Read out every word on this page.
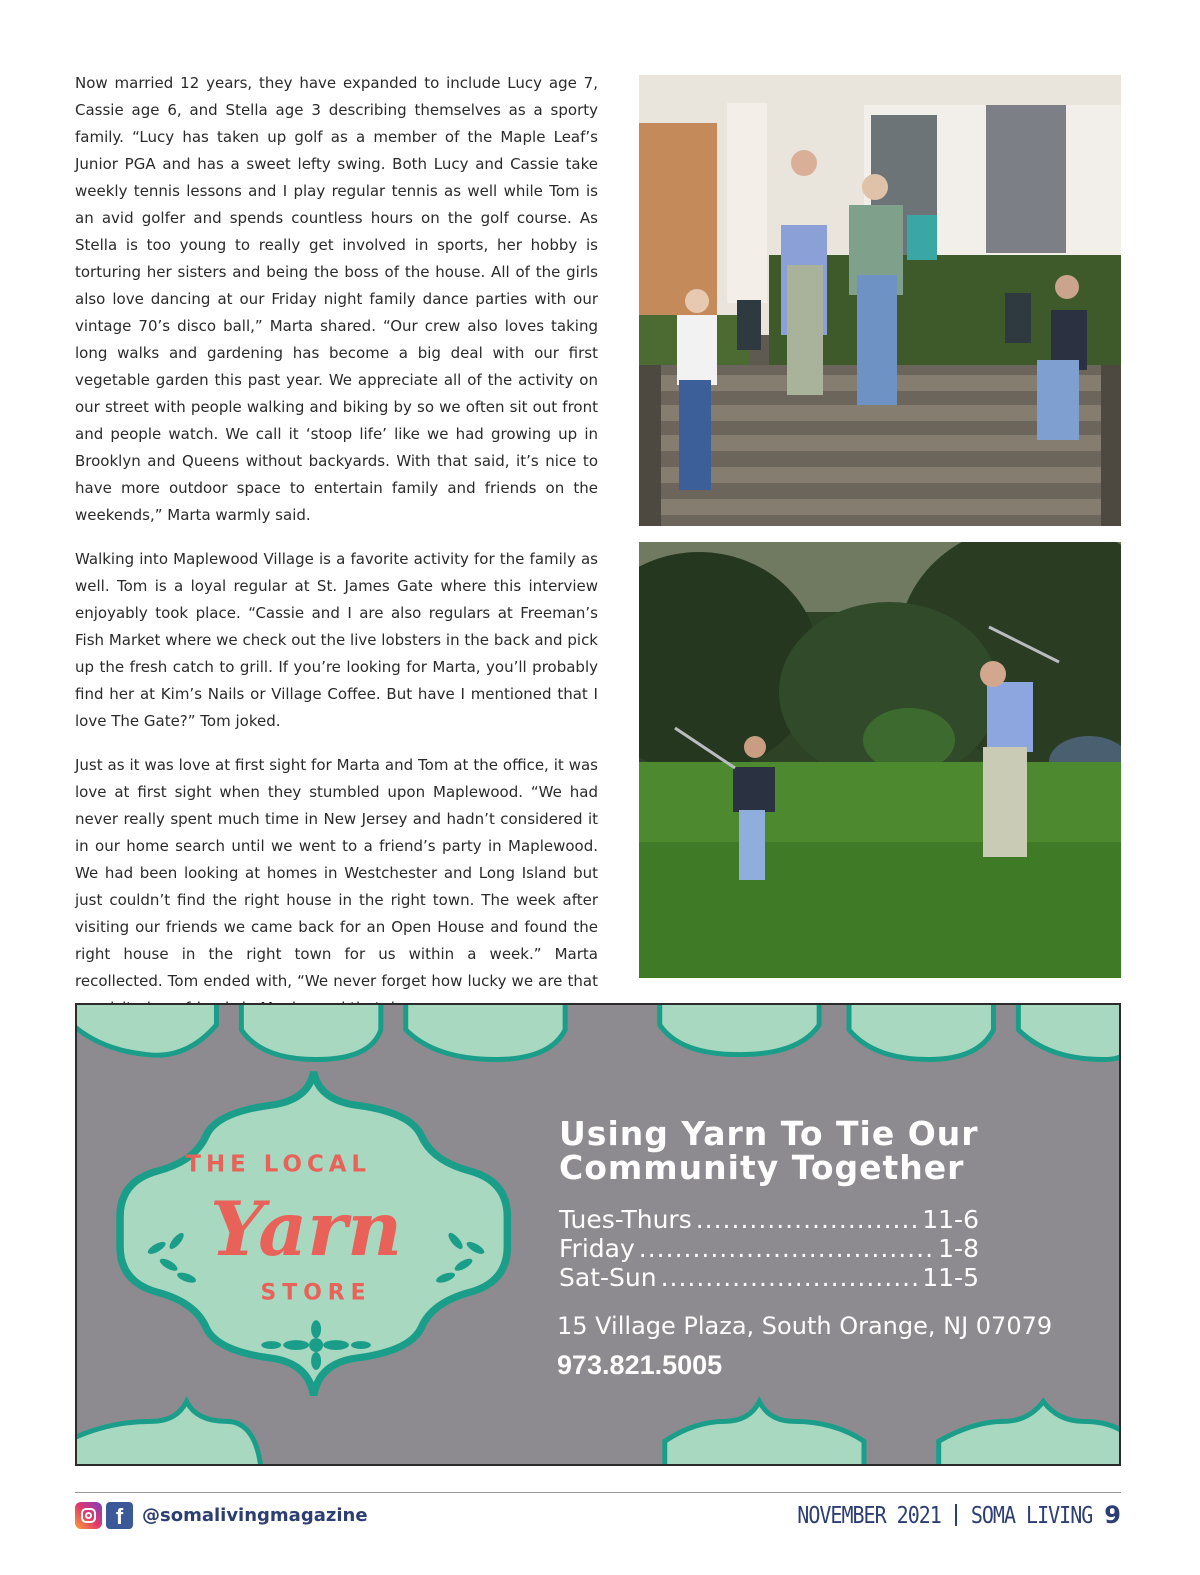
Now married 12 years, they have expanded to include Lucy age 7, Cassie age 6, and Stella age 3 describing themselves as a sporty family. “Lucy has taken up golf as a member of the Maple Leaf’s Junior PGA and has a sweet lefty swing. Both Lucy and Cassie take weekly tennis lessons and I play regular tennis as well while Tom is an avid golfer and spends countless hours on the golf course. As Stella is too young to really get involved in sports, her hobby is torturing her sisters and being the boss of the house. All of the girls also love dancing at our Friday night family dance parties with our vintage 70’s disco ball,” Marta shared. “Our crew also loves taking long walks and gardening has become a big deal with our first vegetable garden this past year. We appreciate all of the activity on our street with people walking and biking by so we often sit out front and people watch. We call it ‘stoop life’ like we had growing up in Brooklyn and Queens without backyards. With that said, it’s nice to have more outdoor space to entertain family and friends on the weekends,” Marta warmly said.

Walking into Maplewood Village is a favorite activity for the family as well. Tom is a loyal regular at St. James Gate where this interview enjoyably took place. “Cassie and I are also regulars at Freeman’s Fish Market where we check out the live lobsters in the back and pick up the fresh catch to grill. If you’re looking for Marta, you’ll probably find her at Kim’s Nails or Village Coffee. But have I mentioned that I love The Gate?” Tom joked.

Just as it was love at first sight for Marta and Tom at the office, it was love at first sight when they stumbled upon Maplewood. “We had never really spent much time in New Jersey and hadn’t considered it in our home search until we went to a friend’s party in Maplewood. We had been looking at homes in Westchester and Long Island but just couldn’t find the right house in the right town. The week after visiting our friends we came back for an Open House and found the right house in the right town for us within a week.” Marta recollected. Tom ended with, “We never forget how lucky we are that

THE LOCAL
Yarn
STORE
Using Yarn To Tie Our
Community Together
Tues-Thurs .....	11-6
Friday .....	1-8
Sat-Sun .....	11-5
15 Village Plaza, South Orange, NJ 07079
973.821.5005
f	@somalivingmagazine	NOVEMBER 2021 SOMA LIVING 9
